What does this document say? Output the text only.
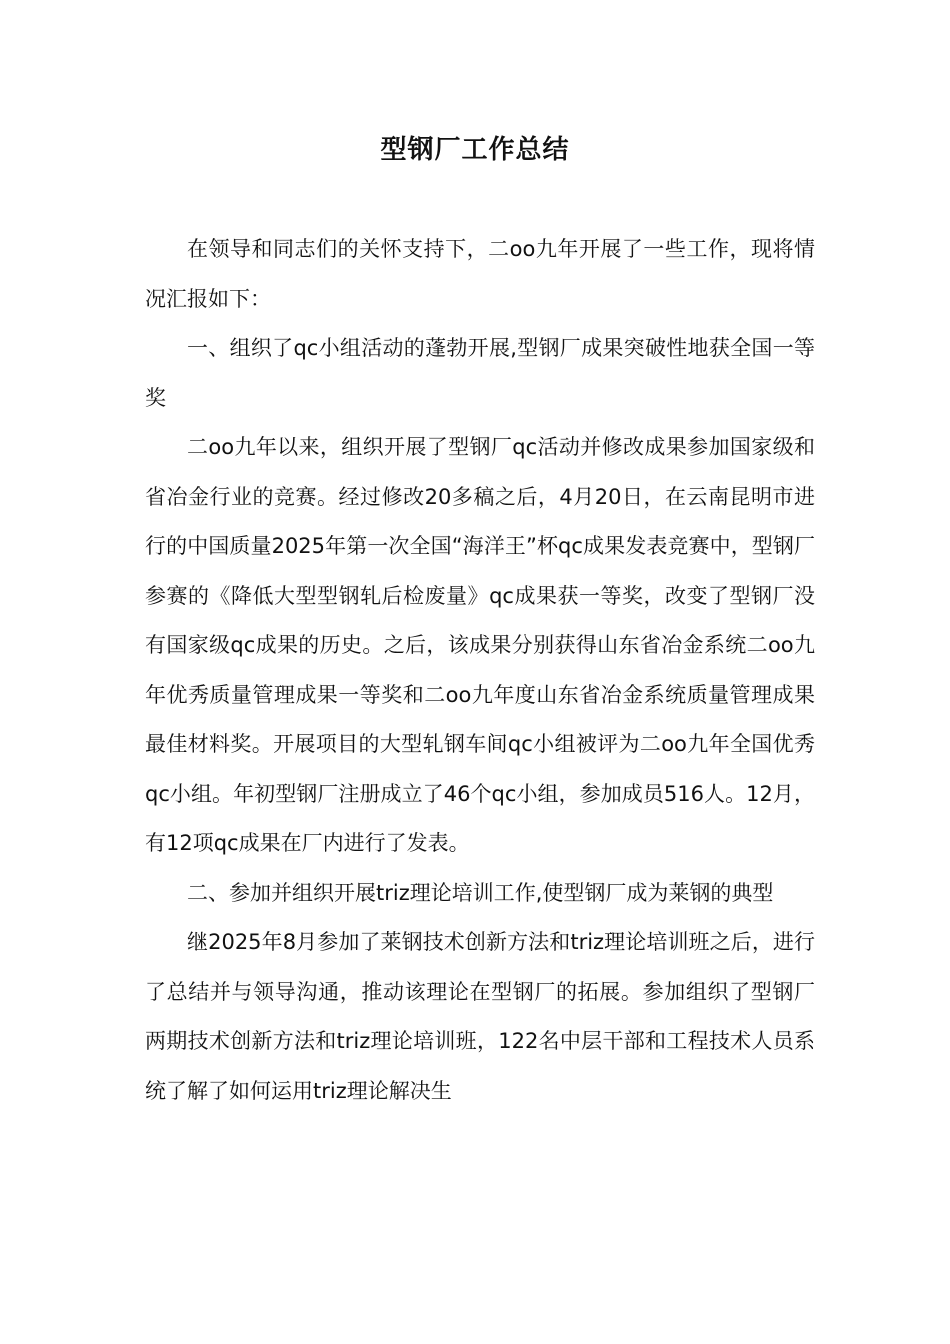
型钢厂工作总结

在领导和同志们的关怀支持下，二oo九年开展了一些工作，现将情况汇报如下：

一、组织了qc小组活动的蓬勃开展,型钢厂成果突破性地获全国一等奖

二oo九年以来，组织开展了型钢厂qc活动并修改成果参加国家级和省冶金行业的竞赛。经过修改20多稿之后，4月20日，在云南昆明市进行的中国质量2025年第一次全国“海洋王”杯qc成果发表竞赛中，型钢厂参赛的《降低大型型钢轧后检废量》qc成果获一等奖，改变了型钢厂没有国家级qc成果的历史。之后，该成果分别获得山东省冶金系统二oo九年优秀质量管理成果一等奖和二oo九年度山东省冶金系统质量管理成果最佳材料奖。开展项目的大型轧钢车间qc小组被评为二oo九年全国优秀qc小组。年初型钢厂注册成立了46个qc小组，参加成员516人。12月，有12项qc成果在厂内进行了发表。

二、参加并组织开展triz理论培训工作,使型钢厂成为莱钢的典型

继2025年8月参加了莱钢技术创新方法和triz理论培训班之后，进行了总结并与领导沟通，推动该理论在型钢厂的拓展。参加组织了型钢厂两期技术创新方法和triz理论培训班，122名中层干部和工程技术人员系统了解了如何运用triz理论解决生
